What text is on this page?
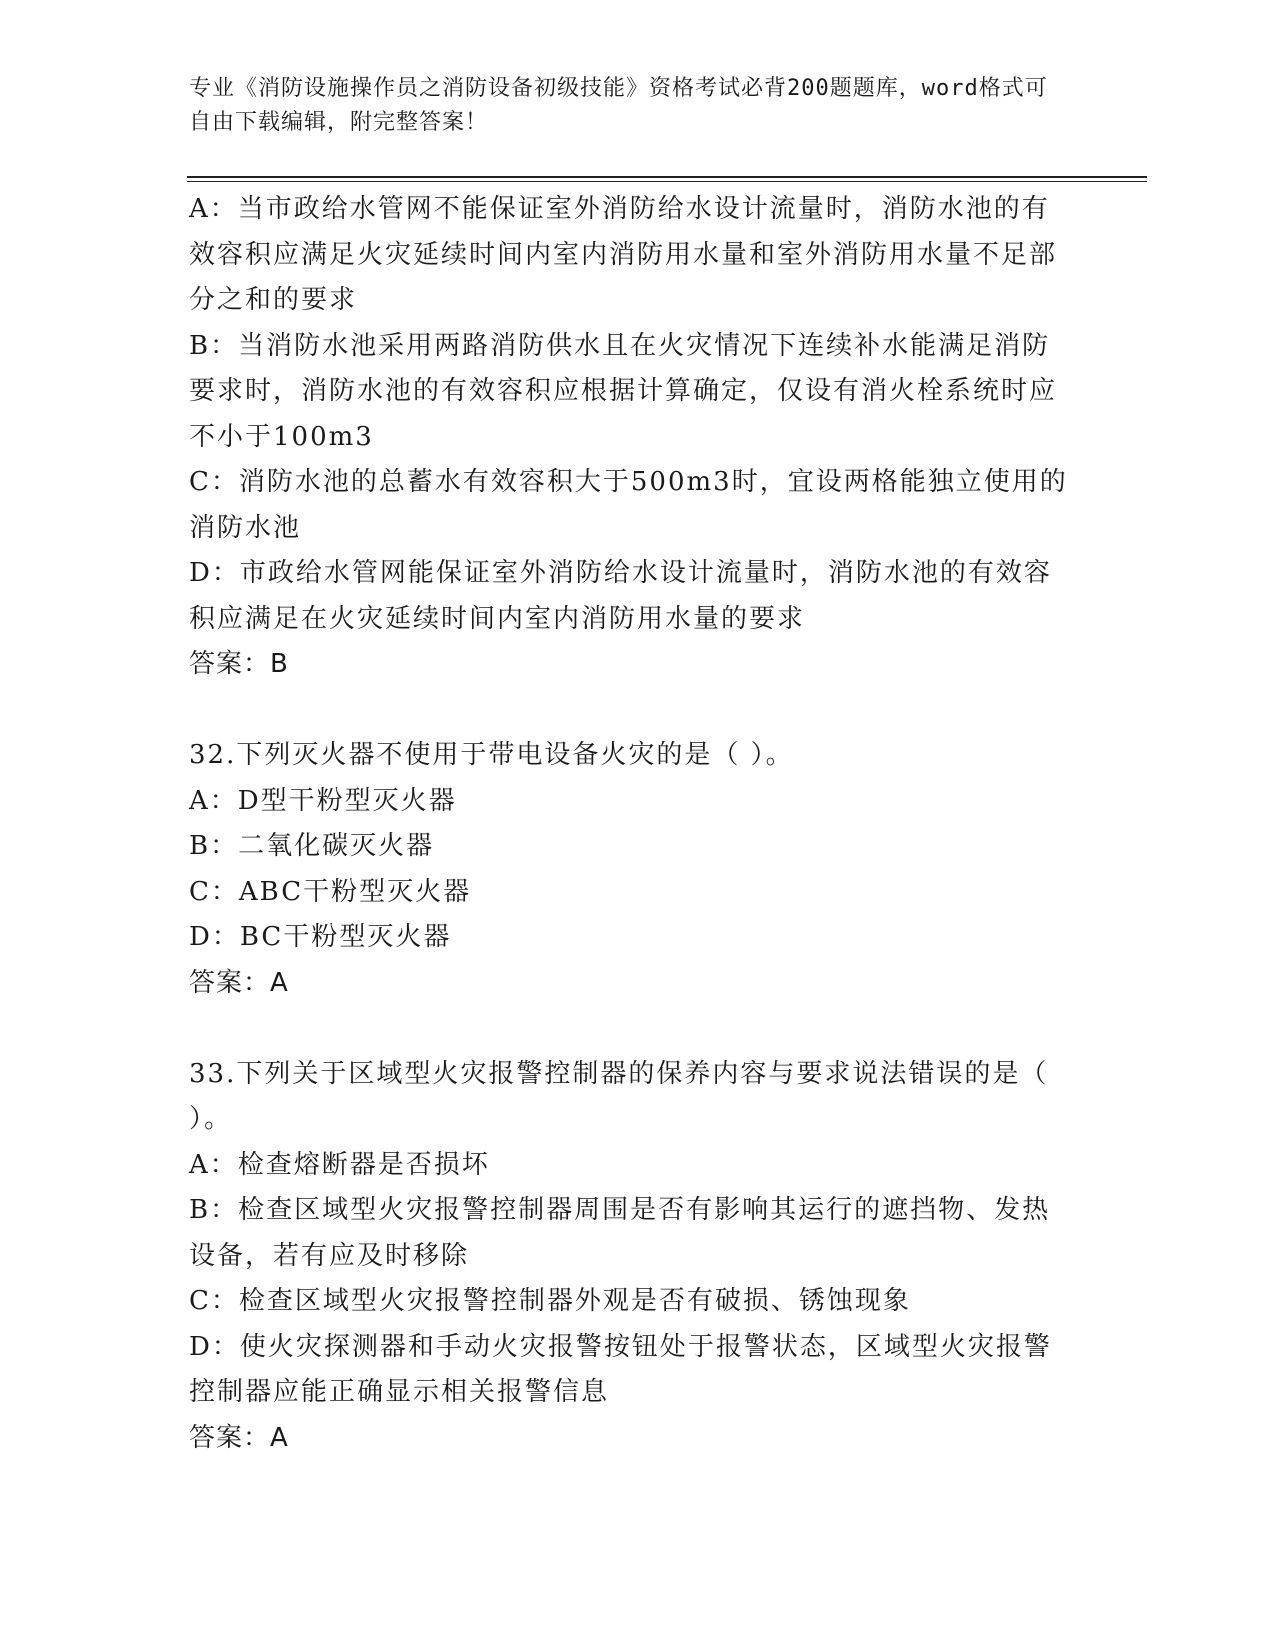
专业《消防设施操作员之消防设备初级技能》资格考试必背200题题库，word格式可自由下载编辑，附完整答案！

A：当市政给水管网不能保证室外消防给水设计流量时，消防水池的有效容积应满足火灾延续时间内室内消防用水量和室外消防用水量不足部分之和的要求

B：当消防水池采用两路消防供水且在火灾情况下连续补水能满足消防要求时，消防水池的有效容积应根据计算确定，仅设有消火栓系统时应不小于100m3

C：消防水池的总蓄水有效容积大于500m3时，宜设两格能独立使用的消防水池

D：市政给水管网能保证室外消防给水设计流量时，消防水池的有效容积应满足在火灾延续时间内室内消防用水量的要求

答案：B

32.下列灭火器不使用于带电设备火灾的是（ ）。

A：D型干粉型灭火器

B：二氧化碳灭火器

C：ABC干粉型灭火器

D：BC干粉型灭火器

答案：A

33.下列关于区域型火灾报警控制器的保养内容与要求说法错误的是（ ）。

A：检查熔断器是否损坏

B：检查区域型火灾报警控制器周围是否有影响其运行的遮挡物、发热设备，若有应及时移除

C：检查区域型火灾报警控制器外观是否有破损、锈蚀现象

D：使火灾探测器和手动火灾报警按钮处于报警状态，区域型火灾报警控制器应能正确显示相关报警信息

答案：A
